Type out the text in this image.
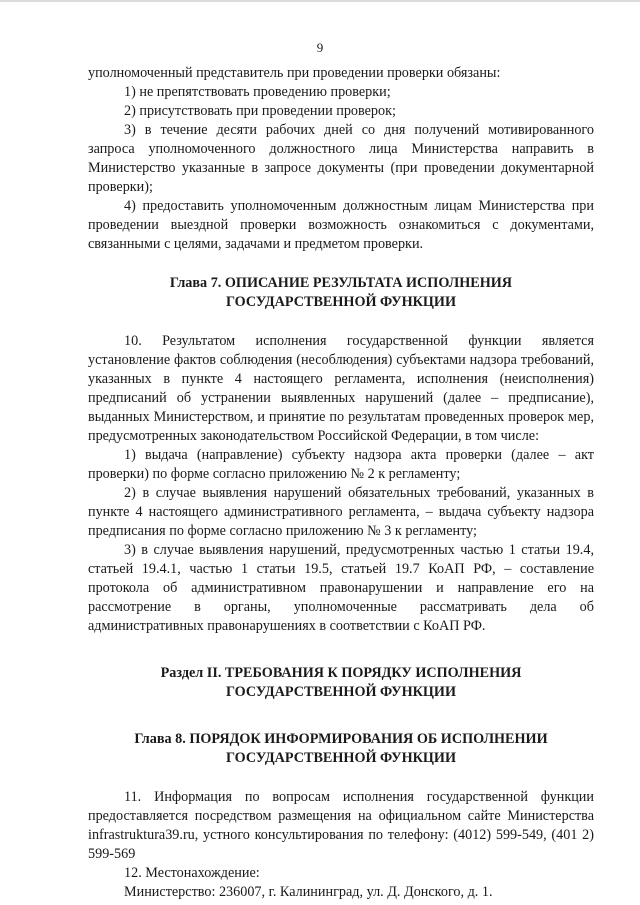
9

уполномоченный представитель при проведении проверки обязаны:

1) не препятствовать проведению проверки;

2) присутствовать при проведении проверок;

3) в течение десяти рабочих дней со дня получений мотивированного запроса уполномоченного должностного лица Министерства направить в Министерство указанные в запросе документы (при проведении документарной проверки);

4) предоставить уполномоченным должностным лицам Министерства при проведении выездной проверки возможность ознакомиться с документами, связанными с целями, задачами и предметом проверки.

Глава 7. ОПИСАНИЕ РЕЗУЛЬТАТА ИСПОЛНЕНИЯ

ГОСУДАРСТВЕННОЙ ФУНКЦИИ

10. Результатом исполнения государственной функции является установление фактов соблюдения (несоблюдения) субъектами надзора требований, указанных в пункте 4 настоящего регламента, исполнения (неисполнения) предписаний об устранении выявленных нарушений (далее – предписание), выданных Министерством, и принятие по результатам проведенных проверок мер, предусмотренных законодательством Российской Федерации, в том числе:

1) выдача (направление) субъекту надзора акта проверки (далее – акт проверки) по форме согласно приложению № 2 к регламенту;

2) в случае выявления нарушений обязательных требований, указанных в пункте 4 настоящего административного регламента, – выдача субъекту надзора предписания по форме согласно приложению № 3 к регламенту;

3) в случае выявления нарушений, предусмотренных частью 1 статьи 19.4, статьей 19.4.1, частью 1 статьи 19.5, статьей 19.7 КоАП РФ, – составление протокола об административном правонарушении и направление его на рассмотрение в органы, уполномоченные рассматривать дела об административных правонарушениях в соответствии с КоАП РФ.

Раздел II. ТРЕБОВАНИЯ К ПОРЯДКУ ИСПОЛНЕНИЯ

ГОСУДАРСТВЕННОЙ ФУНКЦИИ

Глава 8. ПОРЯДОК ИНФОРМИРОВАНИЯ ОБ ИСПОЛНЕНИИ

ГОСУДАРСТВЕННОЙ ФУНКЦИИ

11. Информация по вопросам исполнения государственной функции предоставляется посредством размещения на официальном сайте Министерства infrastruktura39.ru, устного консультирования по телефону: (4012) 599-549, (401 2) 599-569

12. Местонахождение:

Министерство: 236007, г. Калининград, ул. Д. Донского, д. 1.
